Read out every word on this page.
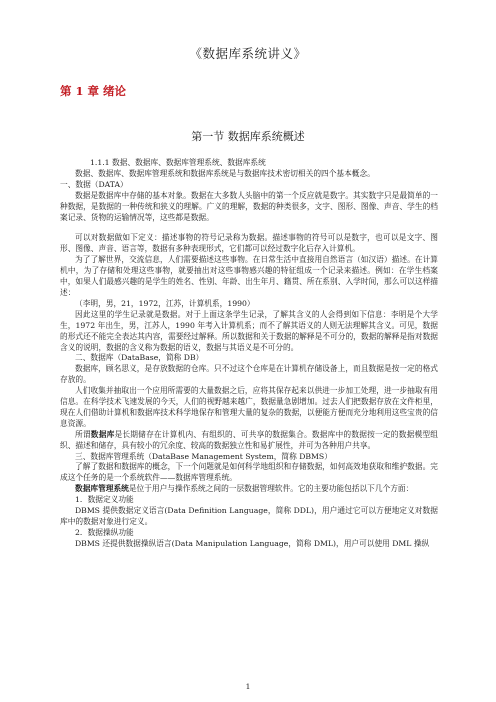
《数据库系统讲义》
第 1 章 绪论
第一节 数据库系统概述

1.1.1 数据、数据库、数据库管理系统、数据库系统

数据、数据库、数据库管理系统和数据库系统是与数据库技术密切相关的四个基本概念。

一、数据（DATA）

数据是数据库中存储的基本对象。数据在大多数人头脑中的第一个反应就是数字。其实数字只是最简单的一种数据，是数据的一种传统和狭义的理解。广义的理解，数据的种类很多，文字、图形、图像、声音、学生的档案记录、货物的运输情况等，这些都是数据。

可以对数据做如下定义：描述事物的符号记录称为数据。描述事物的符号可以是数字，也可以是文字、图形、图像、声音、语言等，数据有多种表现形式，它们都可以经过数字化后存入计算机。

为了了解世界，交流信息，人们需要描述这些事物。在日常生活中直接用自然语言（如汉语）描述。在计算机中，为了存储和处理这些事物，就要抽出对这些事物感兴趣的特征组成一个记录来描述。例如：在学生档案中，如果人们最感兴趣的是学生的姓名、性别、年龄、出生年月、籍贯、所在系别、入学时间，那么可以这样描述：

（李明，男，21，1972，江苏，计算机系，1990）

因此这里的学生记录就是数据。对于上面这条学生记录，了解其含义的人会得到如下信息：李明是个大学生，1972 年出生，男，江苏人，1990 年考入计算机系；而不了解其语义的人则无法理解其含义。可见，数据的形式还不能完全表达其内容，需要经过解释。所以数据和关于数据的解释是不可分的，数据的解释是指对数据含义的说明，数据的含义称为数据的语义，数据与其语义是不可分的。

二、数据库（DataBase，简称 DB）

数据库，顾名思义，是存放数据的仓库。只不过这个仓库是在计算机存储设备上，而且数据是按一定的格式存放的。

人们收集并抽取出一个应用所需要的大量数据之后，应将其保存起来以供进一步加工处理，进一步抽取有用信息。在科学技术飞速发展的今天，人们的视野越来越广，数据量急剧增加。过去人们把数据存放在文件柜里，现在人们借助计算机和数据库技术科学地保存和管理大量的复杂的数据，以便能方便而充分地利用这些宝贵的信息资源。

所谓数据库是长期储存在计算机内、有组织的、可共享的数据集合。数据库中的数据按一定的数据模型组织、描述和储存，具有较小的冗余度、较高的数据独立性和易扩展性，并可为各种用户共享。

三、数据库管理系统（DataBase Management System，简称 DBMS）

了解了数据和数据库的概念，下一个问题就是如何科学地组织和存储数据，如何高效地获取和维护数据。完成这个任务的是一个系统软件——数据库管理系统。

数据库管理系统是位于用户与操作系统之间的一层数据管理软件。它的主要功能包括以下几个方面：

1．数据定义功能

DBMS 提供数据定义语言(Data Definition Language，简称 DDL)，用户通过它可以方便地定义对数据库中的数据对象进行定义。

2．数据操纵功能

DBMS 还提供数据操纵语言(Data Manipulation Language，简称 DML)，用户可以使用 DML 操纵

1
